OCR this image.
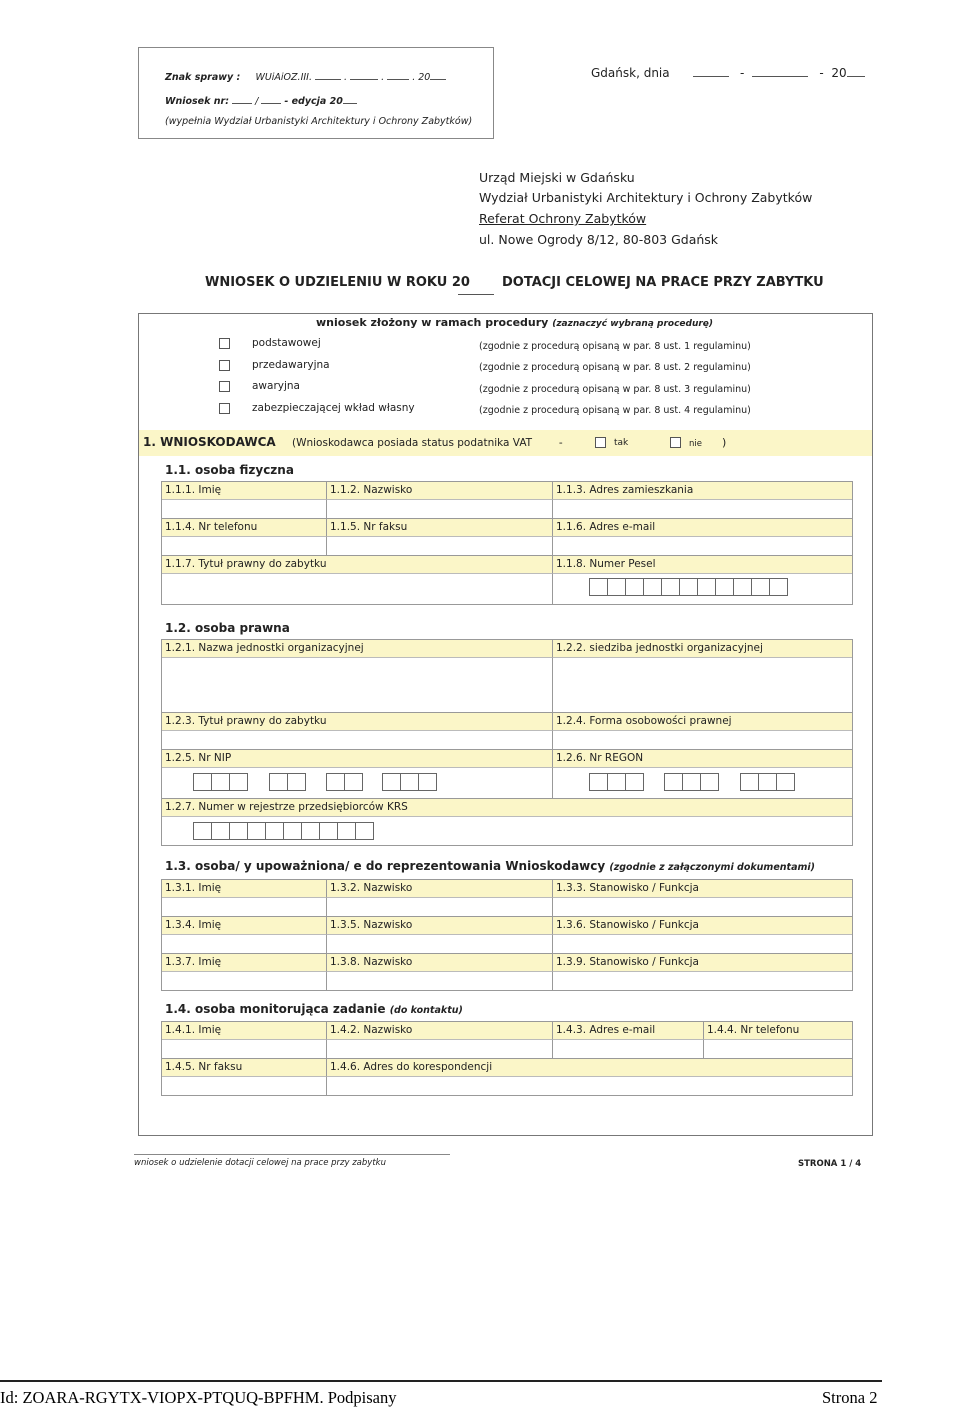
Znak sprawy : WUiAiOZ.III.	.	.	. 20
Wniosek nr:	/	- edycja 20
(wypełnia Wydział Urbanistyki Architektury i Ochrony Zabytków)
Gdańsk, dnia	-	- 20
Urząd Miejski w Gdańsku
Wydział Urbanistyki Architektury i Ochrony Zabytków
Referat Ochrony Zabytków
ul. Nowe Ogrody 8/12, 80-803 Gdańsk
WNIOSEK O UDZIELENIU W ROKU 20 DOTACJI CELOWEJ NA PRACE PRZY ZABYTKU
wniosek złożony w ramach procedury (zaznaczyć wybraną procedurę)
podstawowej	(zgodnie z procedurą opisaną w par. 8 ust. 1 regulaminu)
przedawaryjna	(zgodnie z procedurą opisaną w par. 8 ust. 2 regulaminu)
awaryjna	(zgodnie z procedurą opisaną w par. 8 ust. 3 regulaminu)
zabezpieczającej wkład własny	(zgodnie z procedurą opisaną w par. 8 ust. 4 regulaminu)
1. WNIOSKODAWCA (Wnioskodawca posiada status podatnika VAT	-	tak	nie )
1.1. osoba fizyczna
1.1.1. Imię	1.1.2. Nazwisko	1.1.3. Adres zamieszkania
1.1.4. Nr telefonu	1.1.5. Nr faksu	1.1.6. Adres e-mail
1.1.7. Tytuł prawny do zabytku	1.1.8. Numer Pesel
1.2. osoba prawna
1.2.1. Nazwa jednostki organizacyjnej	1.2.2. siedziba jednostki organizacyjnej
1.2.3. Tytuł prawny do zabytku	1.2.4. Forma osobowości prawnej
1.2.5. Nr NIP	1.2.6. Nr REGON
1.2.7. Numer w rejestrze przedsiębiorców KRS
1.3. osoba/ y upoważniona/ e do reprezentowania Wnioskodawcy (zgodnie z załączonymi dokumentami)
1.3.1. Imię	1.3.2. Nazwisko	1.3.3. Stanowisko / Funkcja
1.3.4. Imię	1.3.5. Nazwisko	1.3.6. Stanowisko / Funkcja
1.3.7. Imię	1.3.8. Nazwisko	1.3.9. Stanowisko / Funkcja
1.4. osoba monitorująca zadanie (do kontaktu)
1.4.1. Imię	1.4.2. Nazwisko	1.4.3. Adres e-mail	1.4.4. Nr telefonu
1.4.5. Nr faksu	1.4.6. Adres do korespondencji
wniosek o udzielenie dotacji celowej na prace przy zabytku	STRONA 1 / 4
Id: ZOARA-RGYTX-VIOPX-PTQUQ-BPFHM. Podpisany	Strona 2
